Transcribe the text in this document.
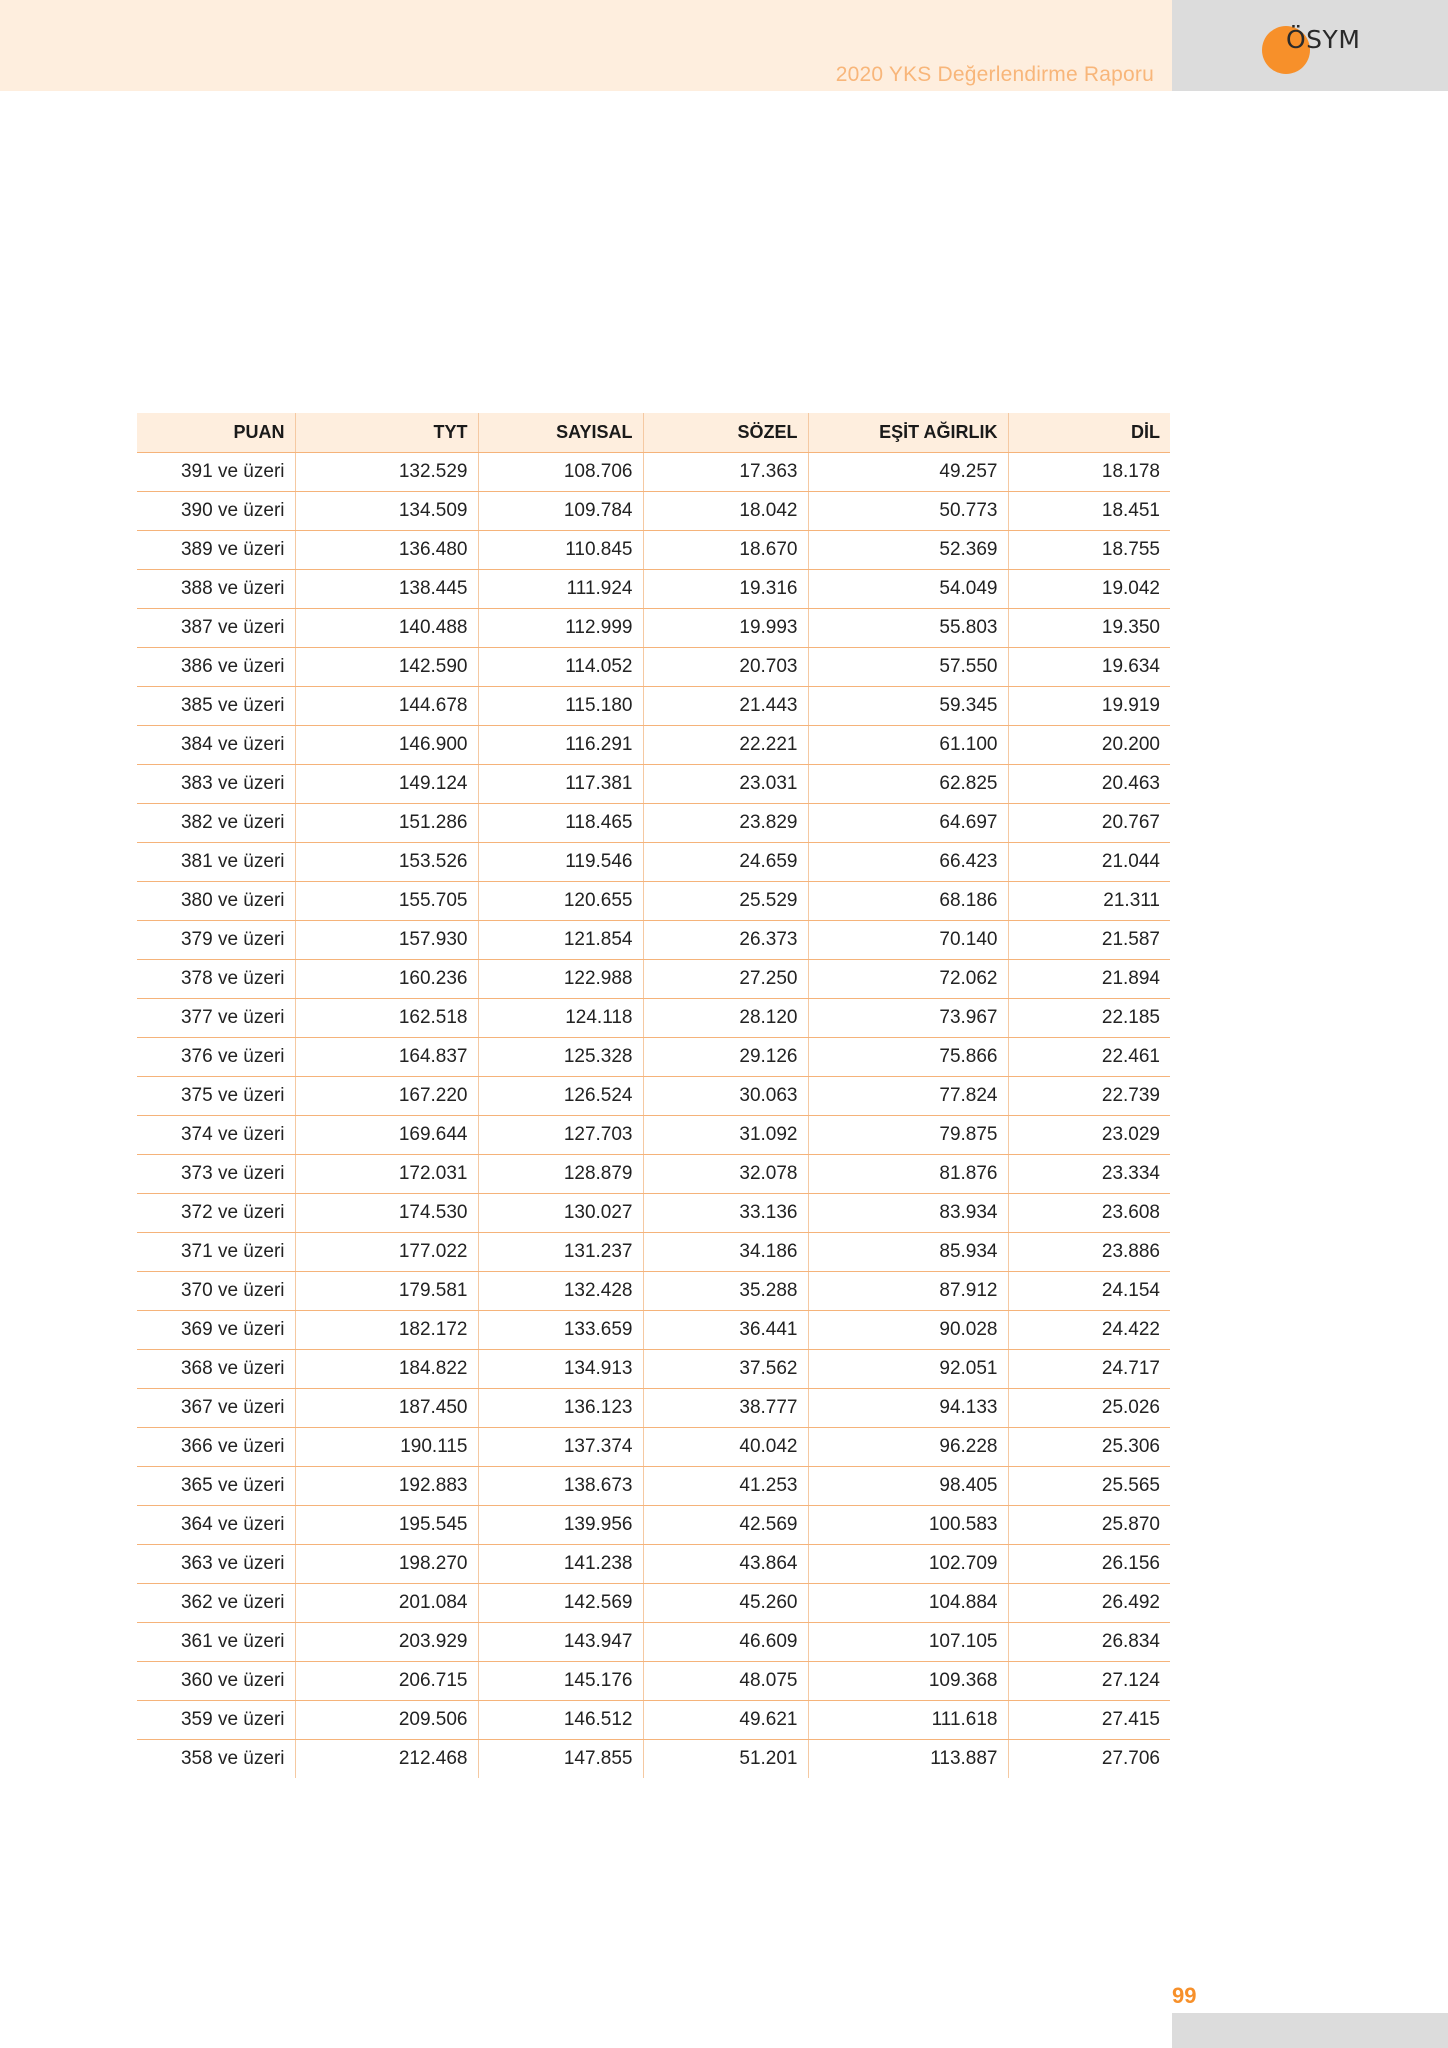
2020 YKS Değerlendirme Raporu
ÖSYM
PUAN	TYT	SAYISAL	SÖZEL	EŞİT AĞIRLIK	DİL
391 ve üzeri	132.529	108.706	17.363	49.257	18.178
390 ve üzeri	134.509	109.784	18.042	50.773	18.451
389 ve üzeri	136.480	110.845	18.670	52.369	18.755
388 ve üzeri	138.445	111.924	19.316	54.049	19.042
387 ve üzeri	140.488	112.999	19.993	55.803	19.350
386 ve üzeri	142.590	114.052	20.703	57.550	19.634
385 ve üzeri	144.678	115.180	21.443	59.345	19.919
384 ve üzeri	146.900	116.291	22.221	61.100	20.200
383 ve üzeri	149.124	117.381	23.031	62.825	20.463
382 ve üzeri	151.286	118.465	23.829	64.697	20.767
381 ve üzeri	153.526	119.546	24.659	66.423	21.044
380 ve üzeri	155.705	120.655	25.529	68.186	21.311
379 ve üzeri	157.930	121.854	26.373	70.140	21.587
378 ve üzeri	160.236	122.988	27.250	72.062	21.894
377 ve üzeri	162.518	124.118	28.120	73.967	22.185
376 ve üzeri	164.837	125.328	29.126	75.866	22.461
375 ve üzeri	167.220	126.524	30.063	77.824	22.739
374 ve üzeri	169.644	127.703	31.092	79.875	23.029
373 ve üzeri	172.031	128.879	32.078	81.876	23.334
372 ve üzeri	174.530	130.027	33.136	83.934	23.608
371 ve üzeri	177.022	131.237	34.186	85.934	23.886
370 ve üzeri	179.581	132.428	35.288	87.912	24.154
369 ve üzeri	182.172	133.659	36.441	90.028	24.422
368 ve üzeri	184.822	134.913	37.562	92.051	24.717
367 ve üzeri	187.450	136.123	38.777	94.133	25.026
366 ve üzeri	190.115	137.374	40.042	96.228	25.306
365 ve üzeri	192.883	138.673	41.253	98.405	25.565
364 ve üzeri	195.545	139.956	42.569	100.583	25.870
363 ve üzeri	198.270	141.238	43.864	102.709	26.156
362 ve üzeri	201.084	142.569	45.260	104.884	26.492
361 ve üzeri	203.929	143.947	46.609	107.105	26.834
360 ve üzeri	206.715	145.176	48.075	109.368	27.124
359 ve üzeri	209.506	146.512	49.621	111.618	27.415
358 ve üzeri	212.468	147.855	51.201	113.887	27.706
99
